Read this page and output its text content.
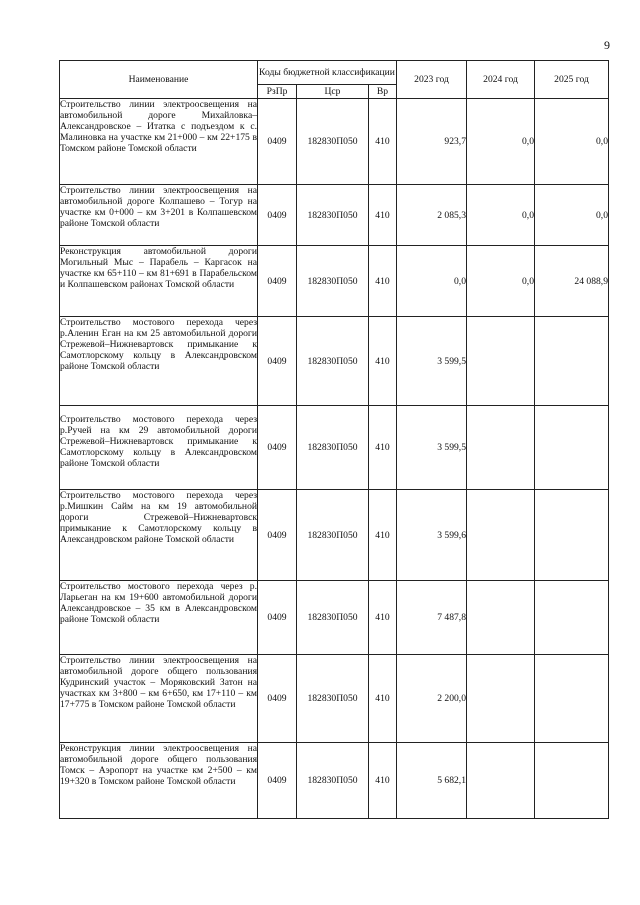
9
Наименование	Коды бюджетной классификации			2023 год	2024 год	2025 год
	РзПр	Цср	Вр			
Строительство линии электроосвещения на автомобильной дороге Михайловка–Александровское – Итатка с подъездом к с. Малиновка на участке км 21+000 – км 22+175 в Томском районе Томской области	0409	182830П050	410	923,7	0,0	0,0
Строительство линии электроосвещения на автомобильной дороге Колпашево – Тогур на участке км 0+000 – км 3+201 в Колпашевском районе Томской области	0409	182830П050	410	2 085,3	0,0	0,0
Реконструкция автомобильной дороги Могильный Мыс – Парабель – Каргасок на участке км 65+110 – км 81+691 в Парабельском и Колпашевском районах Томской области	0409	182830П050	410	0,0	0,0	24 088,9
Строительство мостового перехода через р.Аленин Еган на км 25 автомобильной дороги Стрежевой–Нижневартовск примыкание к Самотлорскому кольцу в Александровском районе Томской области	0409	182830П050	410	3 599,5		
Строительство мостового перехода через р.Ручей на км 29 автомобильной дороги Стрежевой–Нижневартовск примыкание к Самотлорскому кольцу в Александровском районе Томской области	0409	182830П050	410	3 599,5		
Строительство мостового перехода через р.Мишкин Сайм на км 19 автомобильной дороги Стрежевой–Нижневартовск примыкание к Самотлорскому кольцу в Александровском районе Томской области	0409	182830П050	410	3 599,6		
Строительство мостового перехода через р. Ларьеган на км 19+600 автомобильной дороги Александровское – 35 км в Александровском районе Томской области	0409	182830П050	410	7 487,8		
Строительство линии электроосвещения на автомобильной дороге общего пользования Кудринский участок – Моряковский Затон на участках км 3+800 – км 6+650, км 17+110 – км 17+775 в Томском районе Томской области	0409	182830П050	410	2 200,0		
Реконструкция линии электроосвещения на автомобильной дороге общего пользования Томск – Аэропорт на участке км 2+500 – км 19+320 в Томском районе Томской области	0409	182830П050	410	5 682,1		
